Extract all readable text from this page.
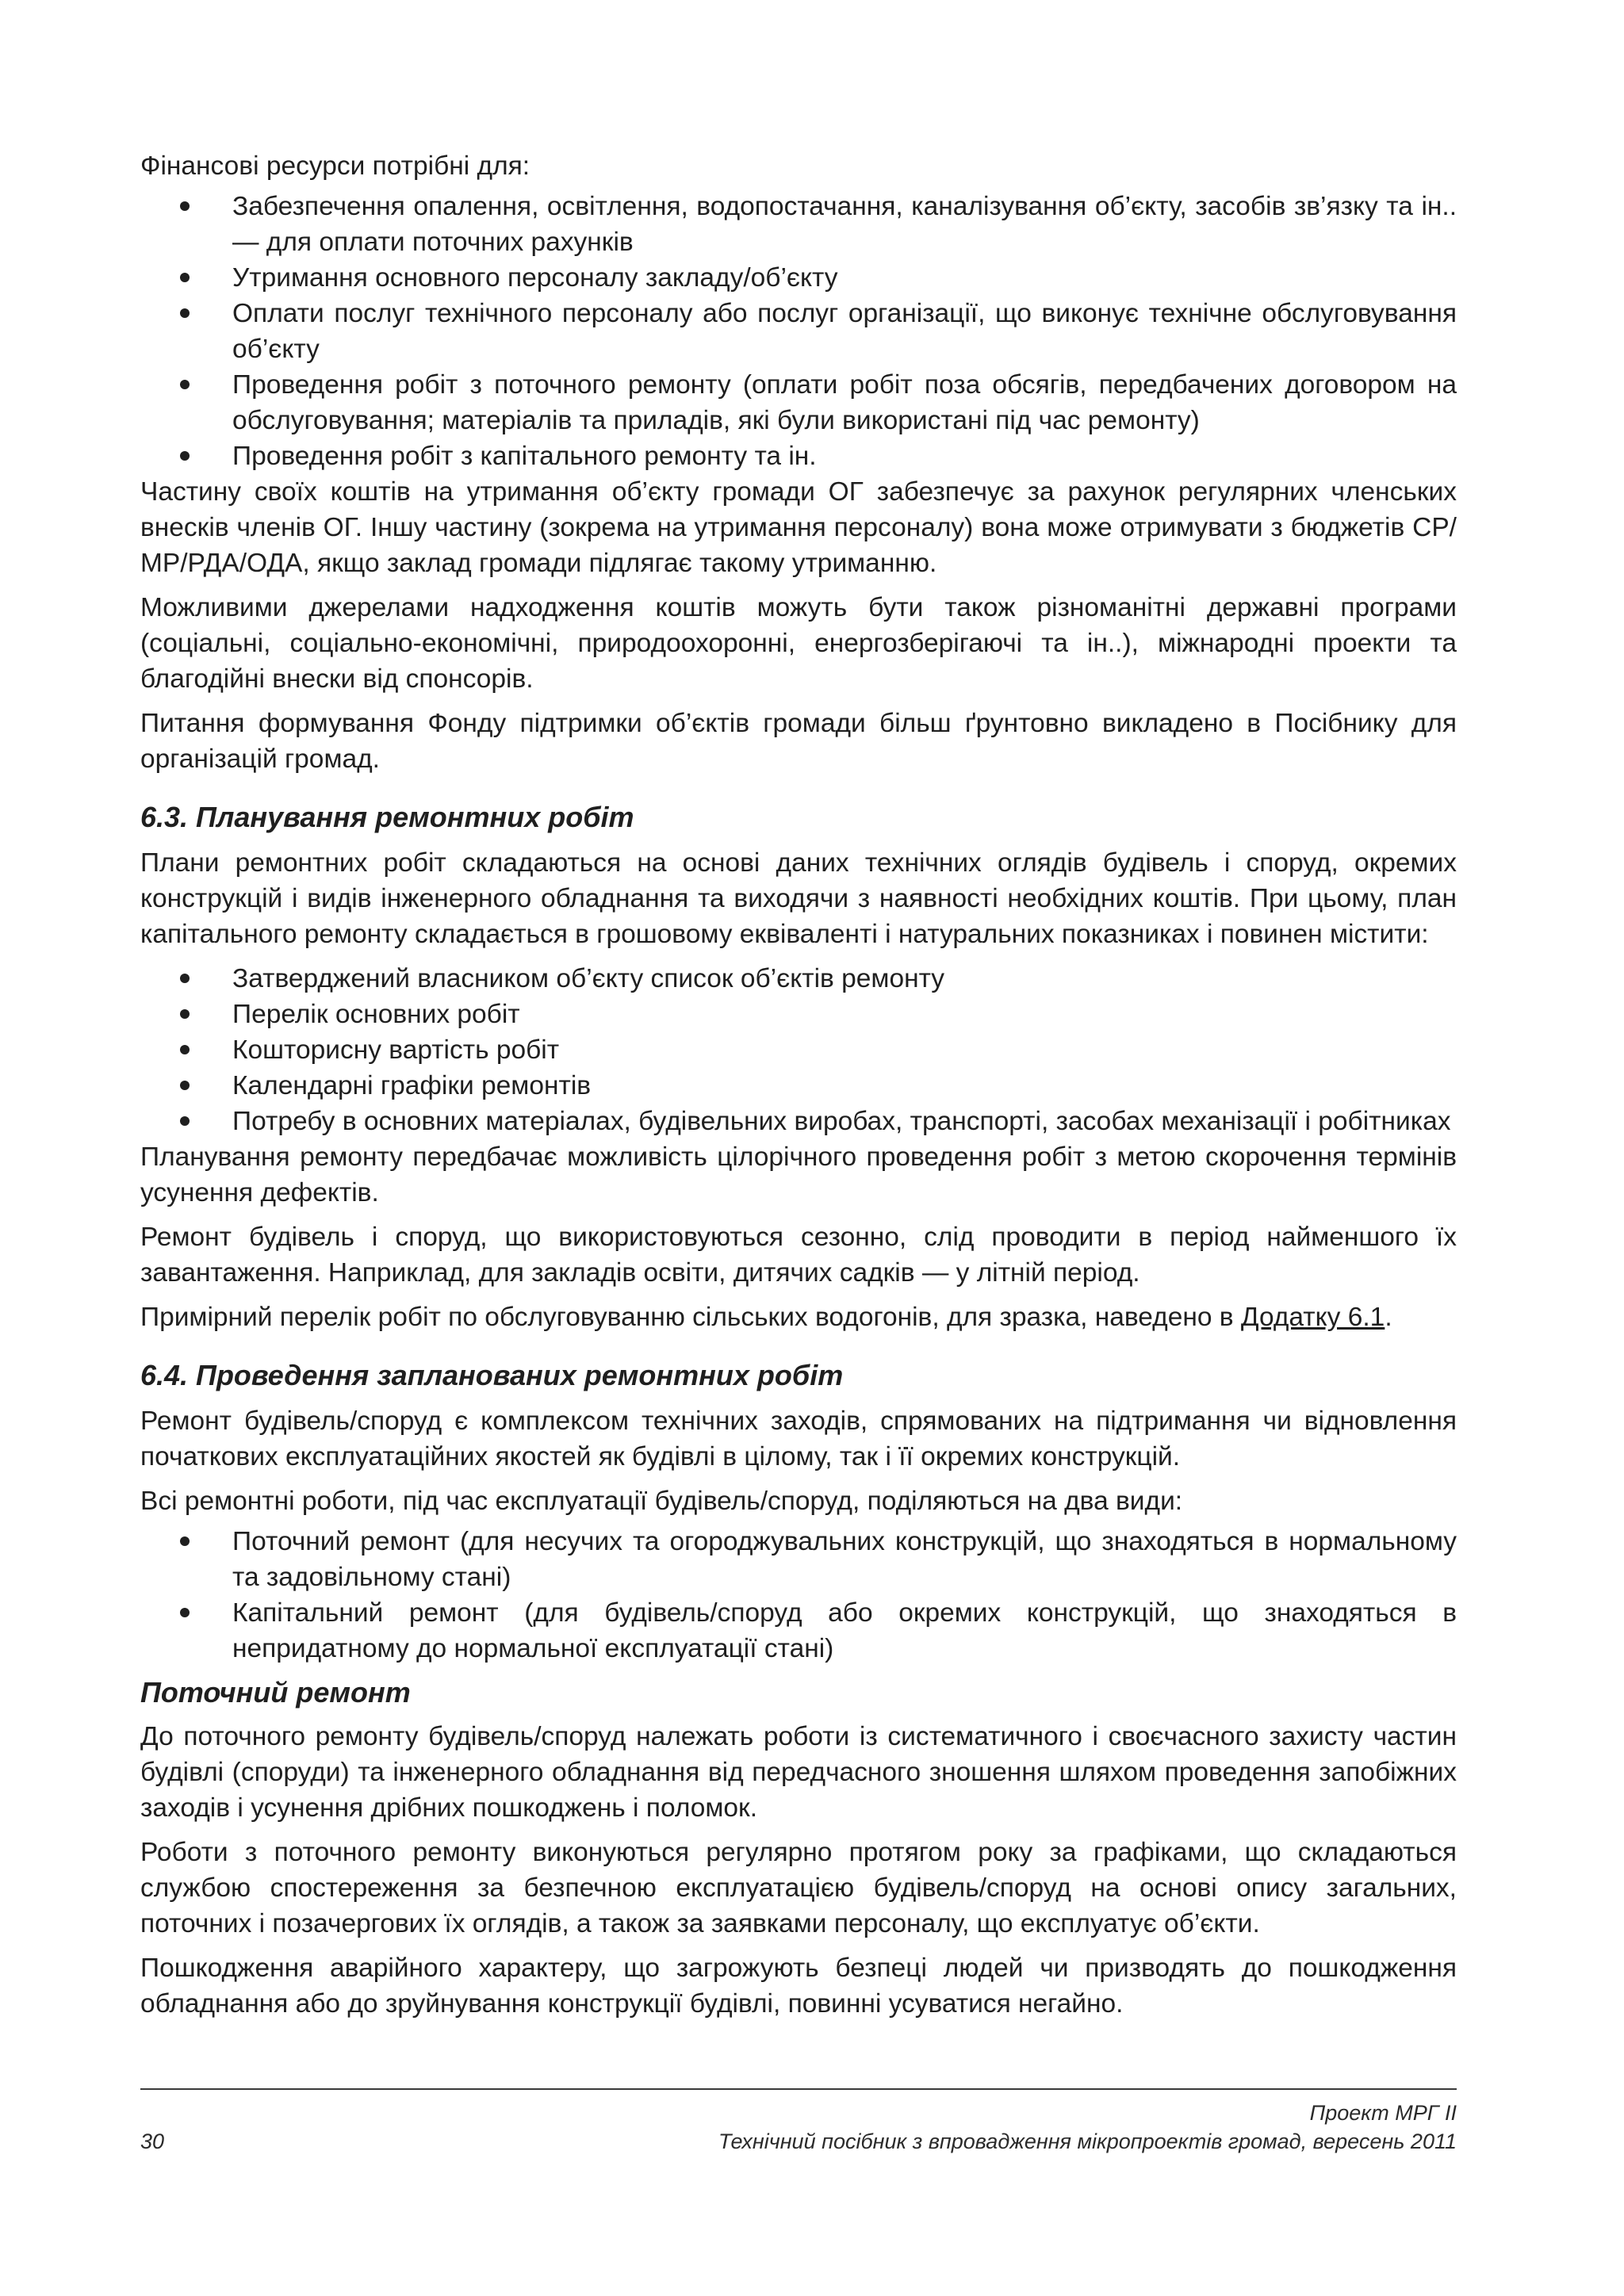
Фінансові ресурси потрібні для:

Забезпечення опалення, освітлення, водопостачання, каналізування об’єкту, засобів зв’язку та ін.. — для оплати поточних рахунків
Утримання основного персоналу закладу/об’єкту
Оплати послуг технічного персоналу або послуг організації, що виконує технічне обслуговування об’єкту
Проведення робіт з поточного ремонту (оплати робіт поза обсягів, передбачених договором на обслуговування; матеріалів та приладів, які були використані під час ремонту)
Проведення робіт з капітального ремонту та ін.

Частину своїх коштів на утримання об’єкту громади ОГ забезпечує за рахунок регулярних членських внесків членів ОГ. Іншу частину (зокрема на утримання персоналу) вона може отримувати з бюджетів СР/МР/РДА/ОДА, якщо заклад громади підлягає такому утриманню.

Можливими джерелами надходження коштів можуть бути також різноманітні державні програми (соціальні, соціально-економічні, природоохоронні, енергозберігаючі та ін..), міжнародні проекти та благодійні внески від спонсорів.

Питання формування Фонду підтримки об’єктів громади більш ґрунтовно викладено в Посібнику для організацій громад.

6.3. Планування ремонтних робіт

Плани ремонтних робіт складаються на основі даних технічних оглядів будівель і споруд, окремих конструкцій і видів інженерного обладнання та виходячи з наявності необхідних коштів. При цьому, план капітального ремонту складається в грошовому еквіваленті і натуральних показниках і повинен містити:

Затверджений власником об’єкту список об’єктів ремонту
Перелік основних робіт
Кошторисну вартість робіт
Календарні графіки ремонтів
Потребу в основних матеріалах, будівельних виробах, транспорті, засобах механізації і робітниках

Планування ремонту передбачає можливість цілорічного проведення робіт з метою скорочення термінів усунення дефектів.

Ремонт будівель і споруд, що використовуються сезонно, слід проводити в період найменшого їх завантаження. Наприклад, для закладів освіти, дитячих садків — у літній період.

Примірний перелік робіт по обслуговуванню сільських водогонів, для зразка, наведено в Додатку 6.1.

6.4. Проведення запланованих ремонтних робіт

Ремонт будівель/споруд є комплексом технічних заходів, спрямованих на підтримання чи відновлення початкових експлуатаційних якостей як будівлі в цілому, так і її окремих конструкцій.

Всі ремонтні роботи, під час експлуатації будівель/споруд, поділяються на два види:

Поточний ремонт (для несучих та огороджувальних конструкцій, що знаходяться в нормальному та задовільному стані)
Капітальний ремонт (для будівель/споруд або окремих конструкцій, що знаходяться в непридатному до нормальної експлуатації стані)
Поточний ремонт

До поточного ремонту будівель/споруд належать роботи із систематичного і своєчасного захисту частин будівлі (споруди) та інженерного обладнання від передчасного зношення шляхом проведення запобіжних заходів і усунення дрібних пошкоджень і поломок.

Роботи з поточного ремонту виконуються регулярно протягом року за графіками, що складаються службою спостереження за безпечною експлуатацією будівель/споруд на основі опису загальних, поточних і позачергових їх оглядів, а також за заявками персоналу, що експлуатує об’єкти.

Пошкодження аварійного характеру, що загрожують безпеці людей чи призводять до пошкодження обладнання або до зруйнування конструкції будівлі, повинні усуватися негайно.

Проект МРГ ІІ
30	Технічний посібник з впровадження мікропроектів громад, вересень 2011
